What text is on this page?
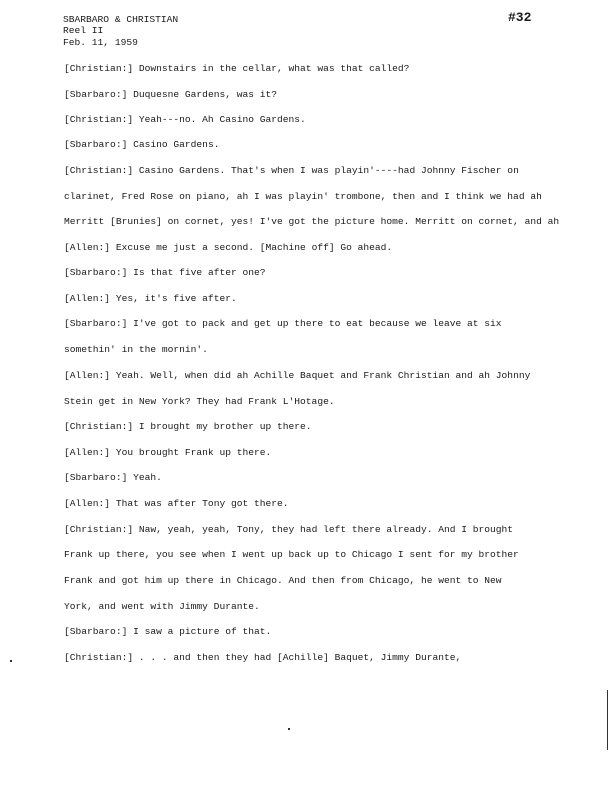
SBARBARO & CHRISTIAN
Reel II
Feb. 11, 1959
#32
[Christian:] Downstairs in the cellar, what was that called?
[Sbarbaro:] Duquesne Gardens, was it?
[Christian:] Yeah---no. Ah Casino Gardens.
[Sbarbaro:] Casino Gardens.
[Christian:] Casino Gardens. That's when I was playin'----had Johnny Fischer on
clarinet, Fred Rose on piano, ah I was playin' trombone, then and I think we had ah
Merritt [Brunies] on cornet, yes! I've got the picture home. Merritt on cornet, and ah
[Allen:] Excuse me just a second. [Machine off] Go ahead.
[Sbarbaro:] Is that five after one?
[Allen:] Yes, it's five after.
[Sbarbaro:] I've got to pack and get up there to eat because we leave at six
somethin' in the mornin'.
[Allen:] Yeah. Well, when did ah Achille Baquet and Frank Christian and ah Johnny
Stein get in New York? They had Frank L'Hotage.
[Christian:] I brought my brother up there.
[Allen:] You brought Frank up there.
[Sbarbaro:] Yeah.
[Allen:] That was after Tony got there.
[Christian:] Naw, yeah, yeah, Tony, they had left there already. And I brought
Frank up there, you see when I went up back up to Chicago I sent for my brother
Frank and got him up there in Chicago. And then from Chicago, he went to New
York, and went with Jimmy Durante.
[Sbarbaro:] I saw a picture of that.
[Christian:] . . . and then they had [Achille] Baquet, Jimmy Durante,
